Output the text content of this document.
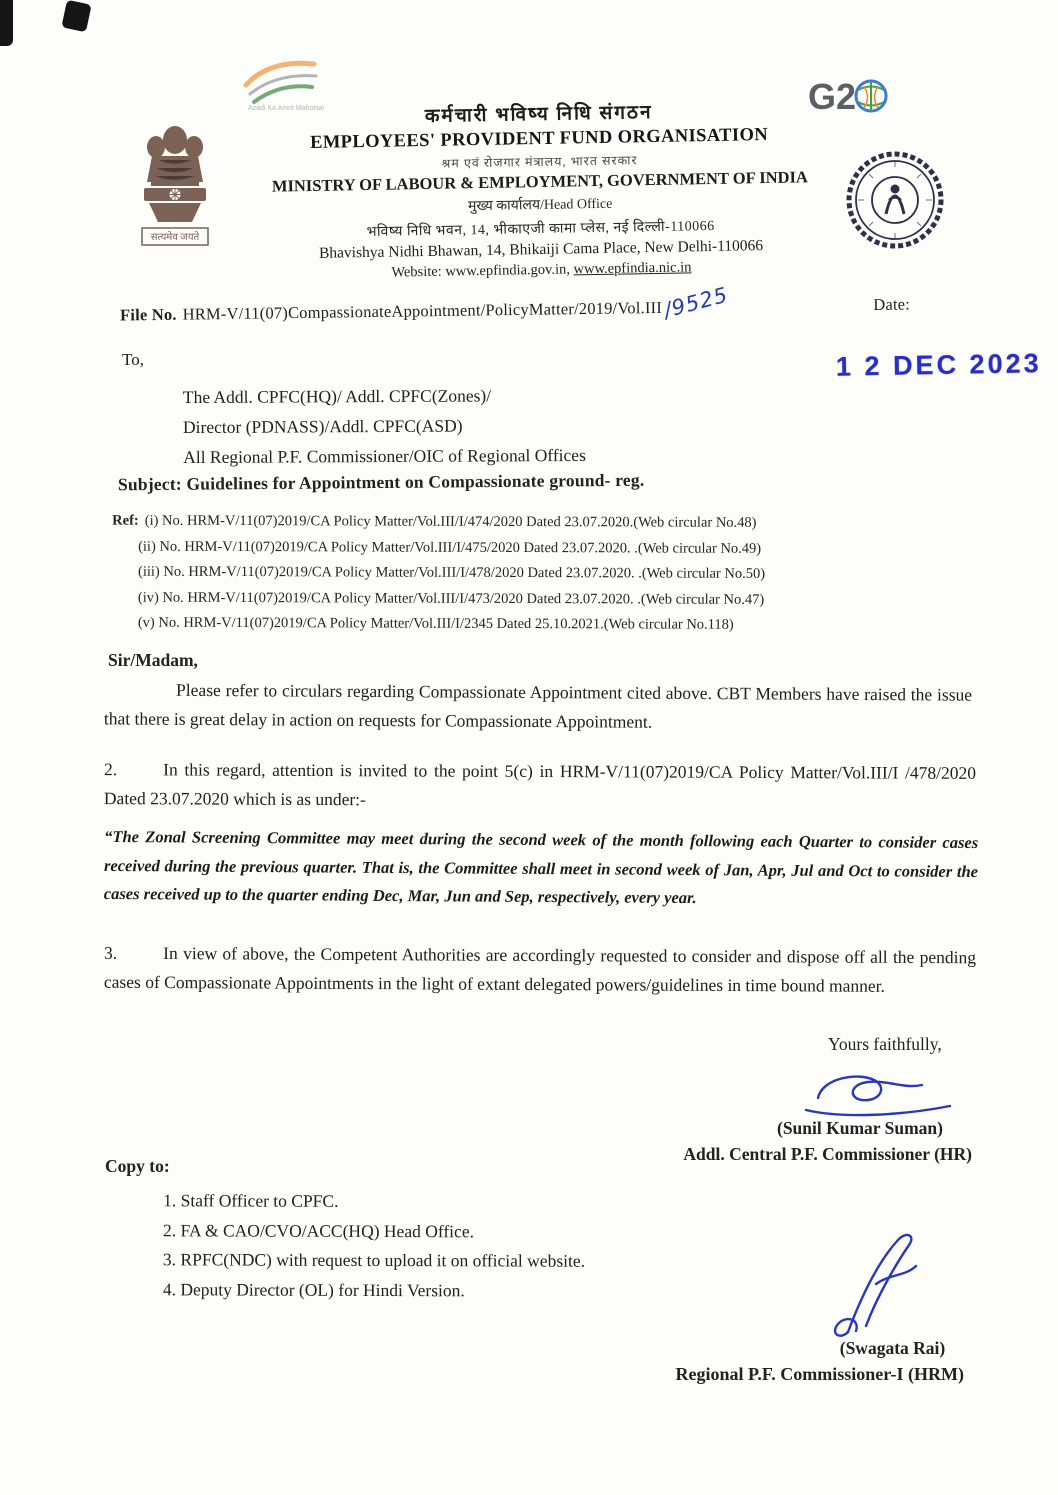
Azadi Ka Amrit Mahotsav	G2
सत्यमेव जयते
कर्मचारी भविष्य निधि संगठन
EMPLOYEES' PROVIDENT FUND ORGANISATION
श्रम एवं रोजगार मंत्रालय, भारत सरकार
MINISTRY OF LABOUR & EMPLOYMENT, GOVERNMENT OF INDIA
मुख्य कार्यालय/Head Office
भविष्य निधि भवन, 14, भीकाएजी कामा प्लेस, नई दिल्ली-110066
Bhavishya Nidhi Bhawan, 14, Bhikaiji Cama Place, New Delhi-110066
Website: www.epfindia.gov.in, www.epfindia.nic.in
File No. HRM-V/11(07)CompassionateAppointment/PolicyMatter/2019/Vol.III/9525	Date:
1 2 DEC 2023
To,
The Addl. CPFC(HQ)/ Addl. CPFC(Zones)/
Director (PDNASS)/Addl. CPFC(ASD)
All Regional P.F. Commissioner/OIC of Regional Offices
Subject: Guidelines for Appointment on Compassionate ground- reg.
Ref: (i) No. HRM-V/11(07)2019/CA Policy Matter/Vol.III/I/474/2020 Dated 23.07.2020.(Web circular No.48)
(ii) No. HRM-V/11(07)2019/CA Policy Matter/Vol.III/I/475/2020 Dated 23.07.2020. .(Web circular No.49)
(iii) No. HRM-V/11(07)2019/CA Policy Matter/Vol.III/I/478/2020 Dated 23.07.2020. .(Web circular No.50)
(iv) No. HRM-V/11(07)2019/CA Policy Matter/Vol.III/I/473/2020 Dated 23.07.2020. .(Web circular No.47)
(v) No. HRM-V/11(07)2019/CA Policy Matter/Vol.III/I/2345 Dated 25.10.2021.(Web circular No.118)
Sir/Madam,
Please refer to circulars regarding Compassionate Appointment cited above. CBT Members have raised the issue that there is great delay in action on requests for Compassionate Appointment.
2.	In this regard, attention is invited to the point 5(c) in HRM-V/11(07)2019/CA Policy Matter/Vol.III/I /478/2020 Dated 23.07.2020 which is as under:-
“The Zonal Screening Committee may meet during the second week of the month following each Quarter to consider cases received during the previous quarter. That is, the Committee shall meet in second week of Jan, Apr, Jul and Oct to consider the cases received up to the quarter ending Dec, Mar, Jun and Sep, respectively, every year.
3.	In view of above, the Competent Authorities are accordingly requested to consider and dispose off all the pending cases of Compassionate Appointments in the light of extant delegated powers/guidelines in time bound manner.
Yours faithfully,
(Sunil Kumar Suman)
Addl. Central P.F. Commissioner (HR)
Copy to:
1. Staff Officer to CPFC.
2. FA & CAO/CVO/ACC(HQ) Head Office.
3. RPFC(NDC) with request to upload it on official website.
4. Deputy Director (OL) for Hindi Version.
(Swagata Rai)
Regional P.F. Commissioner-I (HRM)
